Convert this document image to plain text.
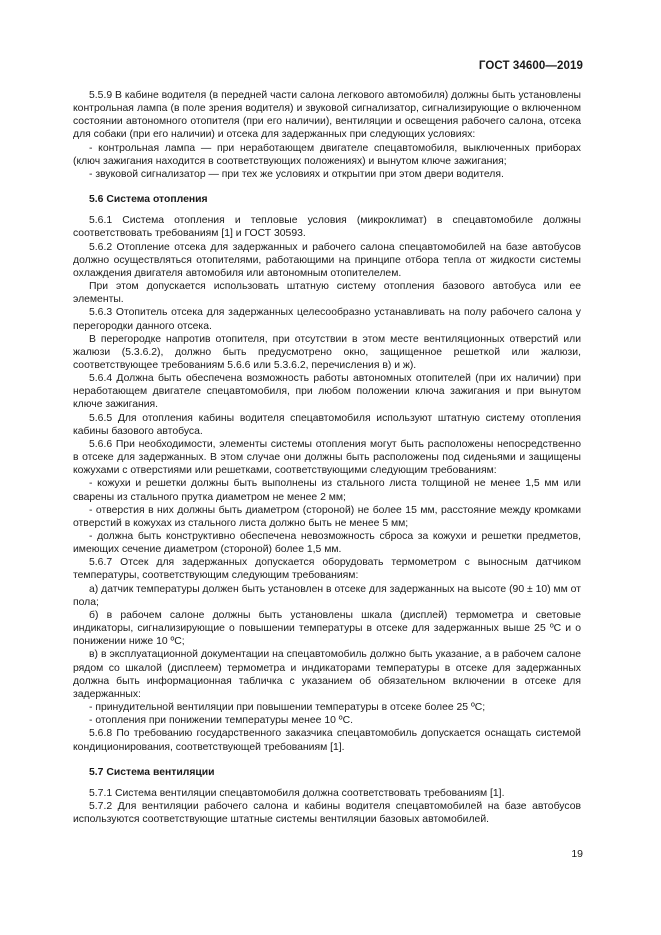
ГОСТ 34600—2019

5.5.9 В кабине водителя (в передней части салона легкового автомобиля) должны быть установлены контрольная лампа (в поле зрения водителя) и звуковой сигнализатор, сигнализирующие о включенном состоянии автономного отопителя (при его наличии), вентиляции и освещения рабочего салона, отсека для собаки (при его наличии) и отсека для задержанных при следующих условиях:

- контрольная лампа — при неработающем двигателе спецавтомобиля, выключенных приборах (ключ зажигания находится в соответствующих положениях) и вынутом ключе зажигания;

- звуковой сигнализатор — при тех же условиях и открытии при этом двери водителя.

5.6 Система отопления

5.6.1 Система отопления и тепловые условия (микроклимат) в спецавтомобиле должны соответствовать требованиям [1] и ГОСТ 30593.

5.6.2 Отопление отсека для задержанных и рабочего салона спецавтомобилей на базе автобусов должно осуществляться отопителями, работающими на принципе отбора тепла от жидкости системы охлаждения двигателя автомобиля или автономным отопителелем.

При этом допускается использовать штатную систему отопления базового автобуса или ее элементы.

5.6.3 Отопитель отсека для задержанных целесообразно устанавливать на полу рабочего салона у перегородки данного отсека.

В перегородке напротив отопителя, при отсутствии в этом месте вентиляционных отверстий или жалюзи (5.3.6.2), должно быть предусмотрено окно, защищенное решеткой или жалюзи, соответствующее требованиям 5.6.6 или 5.3.6.2, перечисления в) и ж).

5.6.4 Должна быть обеспечена возможность работы автономных отопителей (при их наличии) при неработающем двигателе спецавтомобиля, при любом положении ключа зажигания и при вынутом ключе зажигания.

5.6.5 Для отопления кабины водителя спецавтомобиля используют штатную систему отопления кабины базового автобуса.

5.6.6 При необходимости, элементы системы отопления могут быть расположены непосредственно в отсеке для задержанных. В этом случае они должны быть расположены под сиденьями и защищены кожухами с отверстиями или решетками, соответствующими следующим требованиям:

- кожухи и решетки должны быть выполнены из стального листа толщиной не менее 1,5 мм или сварены из стального прутка диаметром не менее 2 мм;

- отверстия в них должны быть диаметром (стороной) не более 15 мм, расстояние между кромками отверстий в кожухах из стального листа должно быть не менее 5 мм;

- должна быть конструктивно обеспечена невозможность сброса за кожухи и решетки предметов, имеющих сечение диаметром (стороной) более 1,5 мм.

5.6.7 Отсек для задержанных допускается оборудовать термометром с выносным датчиком температуры, соответствующим следующим требованиям:

а) датчик температуры должен быть установлен в отсеке для задержанных на высоте (90 ± 10) мм от пола;

б) в рабочем салоне должны быть установлены шкала (дисплей) термометра и световые индикаторы, сигнализирующие о повышении температуры в отсеке для задержанных выше 25 ºС и о понижении ниже 10 ºС;

в) в эксплуатационной документации на спецавтомобиль должно быть указание, а в рабочем салоне рядом со шкалой (дисплеем) термометра и индикаторами температуры в отсеке для задержанных должна быть информационная табличка с указанием об обязательном включении в отсеке для задержанных:

- принудительной вентиляции при повышении температуры в отсеке более 25 ºС;

- отопления при понижении температуры менее 10 ºС.

5.6.8 По требованию государственного заказчика спецавтомобиль допускается оснащать системой кондиционирования, соответствующей требованиям [1].

5.7 Система вентиляции

5.7.1 Система вентиляции спецавтомобиля должна соответствовать требованиям [1].

5.7.2 Для вентиляции рабочего салона и кабины водителя спецавтомобилей на базе автобусов используются соответствующие штатные системы вентиляции базовых автомобилей.

19
